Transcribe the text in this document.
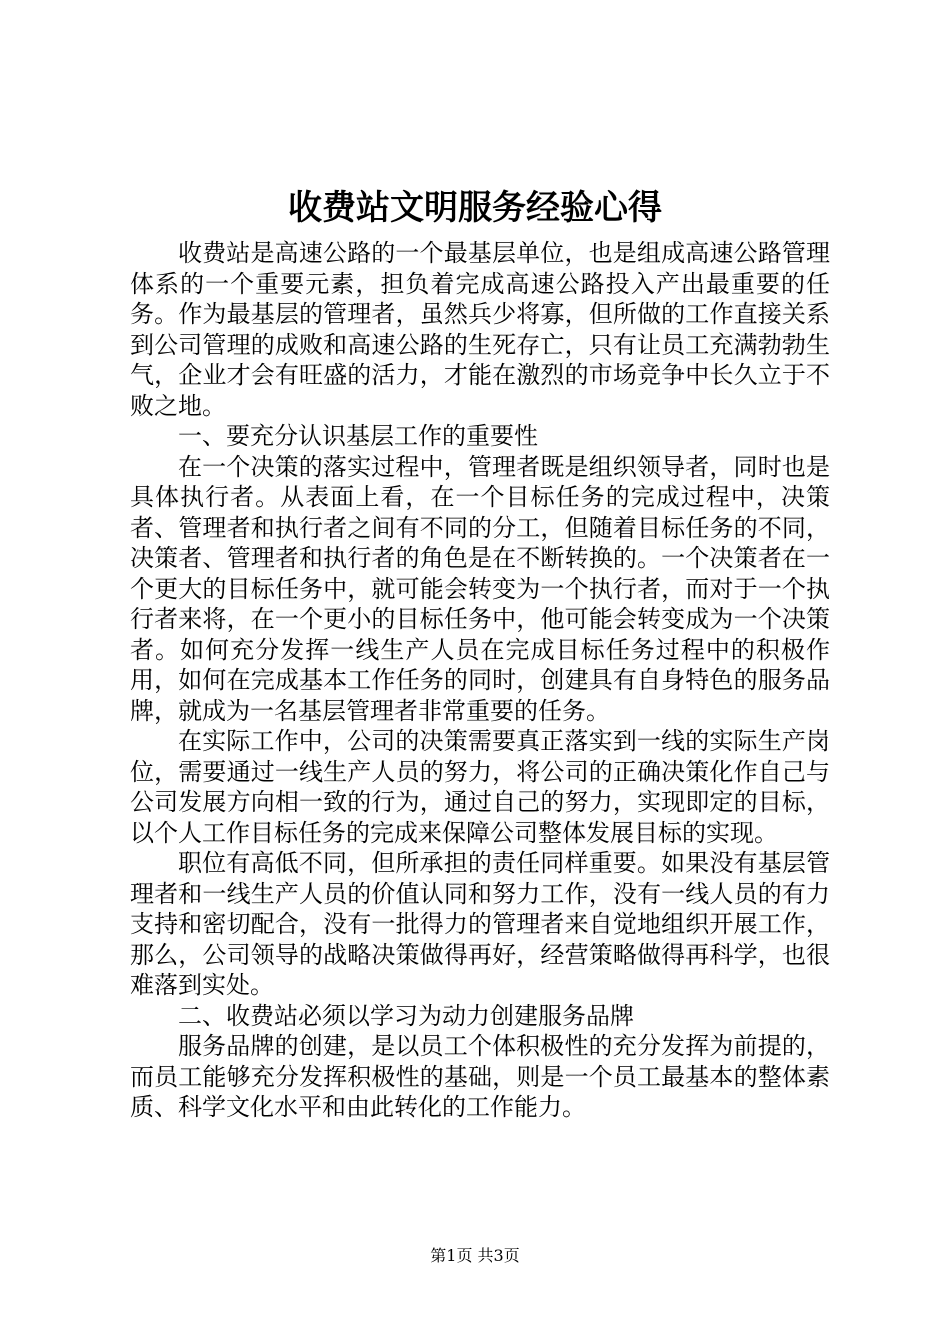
收费站文明服务经验心得

收费站是高速公路的一个最基层单位，也是组成高速公路管理体系的一个重要元素，担负着完成高速公路投入产出最重要的任务。作为最基层的管理者，虽然兵少将寡，但所做的工作直接关系到公司管理的成败和高速公路的生死存亡，只有让员工充满勃勃生气，企业才会有旺盛的活力，才能在激烈的市场竞争中长久立于不败之地。

一、要充分认识基层工作的重要性

在一个决策的落实过程中，管理者既是组织领导者，同时也是具体执行者。从表面上看，在一个目标任务的完成过程中，决策者、管理者和执行者之间有不同的分工，但随着目标任务的不同，决策者、管理者和执行者的角色是在不断转换的。一个决策者在一个更大的目标任务中，就可能会转变为一个执行者，而对于一个执行者来将，在一个更小的目标任务中，他可能会转变成为一个决策者。如何充分发挥一线生产人员在完成目标任务过程中的积极作用，如何在完成基本工作任务的同时，创建具有自身特色的服务品牌，就成为一名基层管理者非常重要的任务。

在实际工作中，公司的决策需要真正落实到一线的实际生产岗位，需要通过一线生产人员的努力，将公司的正确决策化作自己与公司发展方向相一致的行为，通过自己的努力，实现即定的目标，以个人工作目标任务的完成来保障公司整体发展目标的实现。

职位有高低不同，但所承担的责任同样重要。如果没有基层管理者和一线生产人员的价值认同和努力工作，没有一线人员的有力支持和密切配合，没有一批得力的管理者来自觉地组织开展工作，那么，公司领导的战略决策做得再好，经营策略做得再科学，也很难落到实处。

二、收费站必须以学习为动力创建服务品牌

服务品牌的创建，是以员工个体积极性的充分发挥为前提的，而员工能够充分发挥积极性的基础，则是一个员工最基本的整体素质、科学文化水平和由此转化的工作能力。

第1页 共3页
